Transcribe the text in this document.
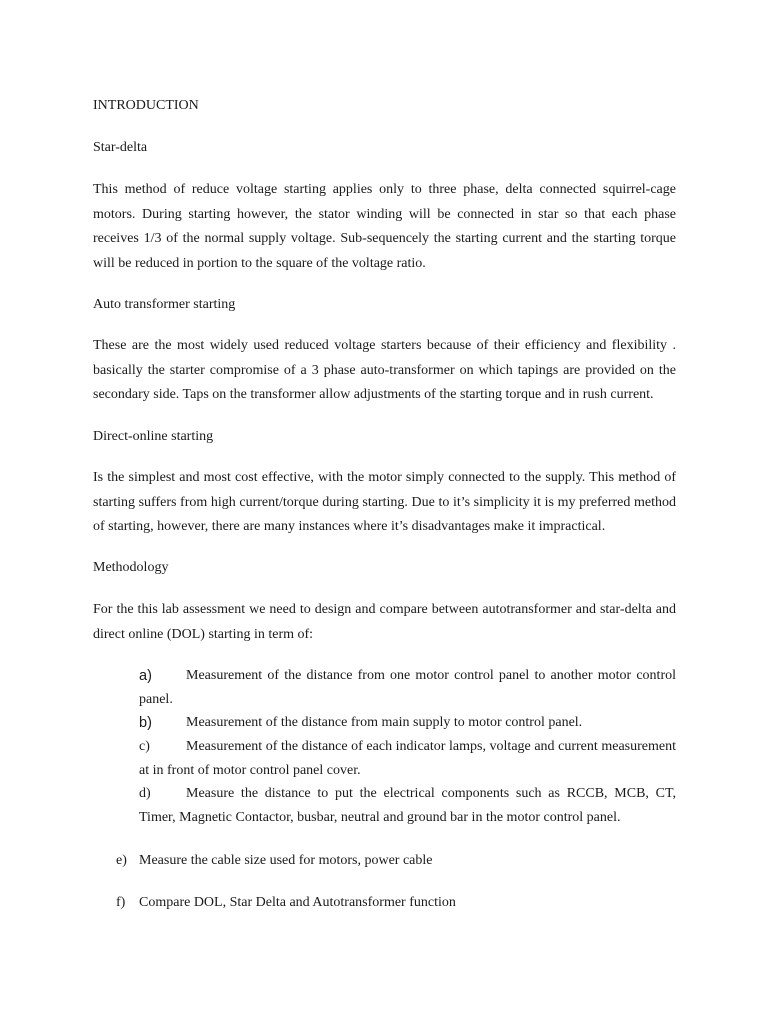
INTRODUCTION
Star-delta

This method of reduce voltage starting applies only to three phase, delta connected squirrel-cage motors. During starting however, the stator winding will be connected in star so that each phase receives 1/3 of the normal supply voltage. Sub-sequencely the starting current and the starting torque will be reduced in portion to the square of the voltage ratio.

Auto transformer starting

These are the most widely used reduced voltage starters because of their efficiency and flexibility . basically the starter compromise of a 3 phase auto-transformer on which tapings are provided on the secondary side. Taps on the transformer allow adjustments of the starting torque and in rush current.

Direct-online starting

Is the simplest and most cost effective, with the motor simply connected to the supply. This method of starting suffers from high current/torque during starting. Due to it’s simplicity it is my preferred method of starting, however, there are many instances where it’s disadvantages make it impractical.

Methodology

For the this lab assessment we need to design and compare between autotransformer and star-delta and direct online (DOL) starting in term of:

a)	Measurement of the distance from one motor control panel to another motor control panel.
b)	Measurement of the distance from main supply to motor control panel.
c)	Measurement of the distance of each indicator lamps, voltage and current measurement at in front of motor control panel cover.
d)	Measure the distance to put the electrical components such as RCCB, MCB, CT, Timer, Magnetic Contactor, busbar, neutral and ground bar in the motor control panel.
e) Measure the cable size used for motors, power cable
f) Compare DOL, Star Delta and Autotransformer function
